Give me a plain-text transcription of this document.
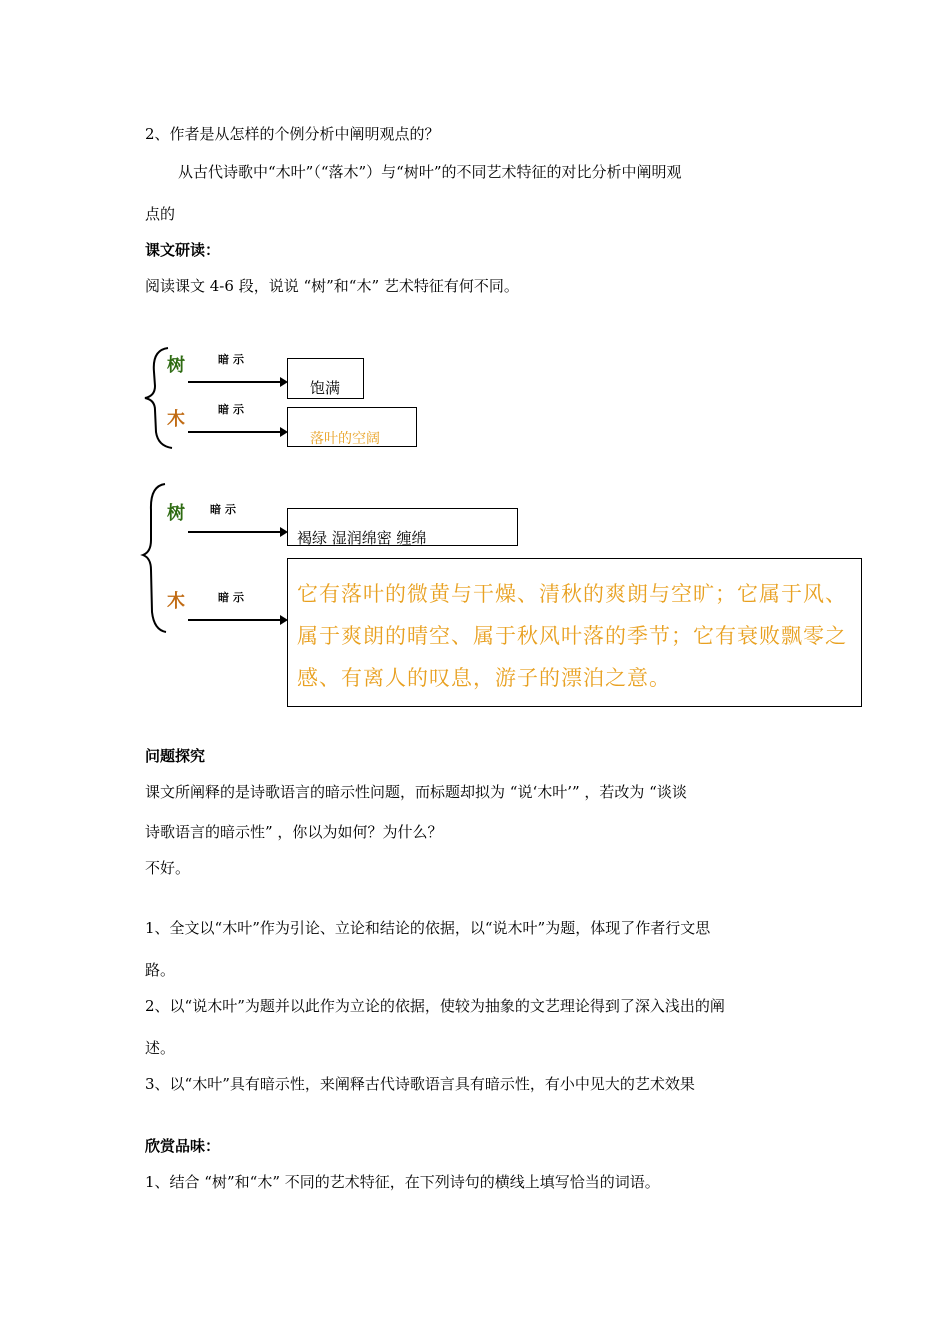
2、作者是从怎样的个例分析中阐明观点的？
从古代诗歌中“木叶”（“落木”）与“树叶”的不同艺术特征的对比分析中阐明观
点的
课文研读：
阅读课文 4-6 段，说说 “树”和“木” 艺术特征有何不同。
树
木
暗示
暗示
饱满
落叶的空阔
树
木
暗示
暗示
褐绿 湿润绵密 缠绵
它有落叶的微黄与干燥、清秋的爽朗与空旷；它属于风、属于爽朗的晴空、属于秋风叶落的季节；它有衰败飘零之感、有离人的叹息，游子的漂泊之意。
问题探究
课文所阐释的是诗歌语言的暗示性问题，而标题却拟为 “说‘木叶’” ，若改为 “谈谈
诗歌语言的暗示性” ，你以为如何？为什么？
不好。
1、全文以“木叶”作为引论、立论和结论的依据，以“说木叶”为题，体现了作者行文思
路。
2、以“说木叶”为题并以此作为立论的依据，使较为抽象的文艺理论得到了深入浅出的阐
述。
3、以“木叶”具有暗示性，来阐释古代诗歌语言具有暗示性，有小中见大的艺术效果
欣赏品味：
1、结合 “树”和“木” 不同的艺术特征，在下列诗句的横线上填写恰当的词语。
